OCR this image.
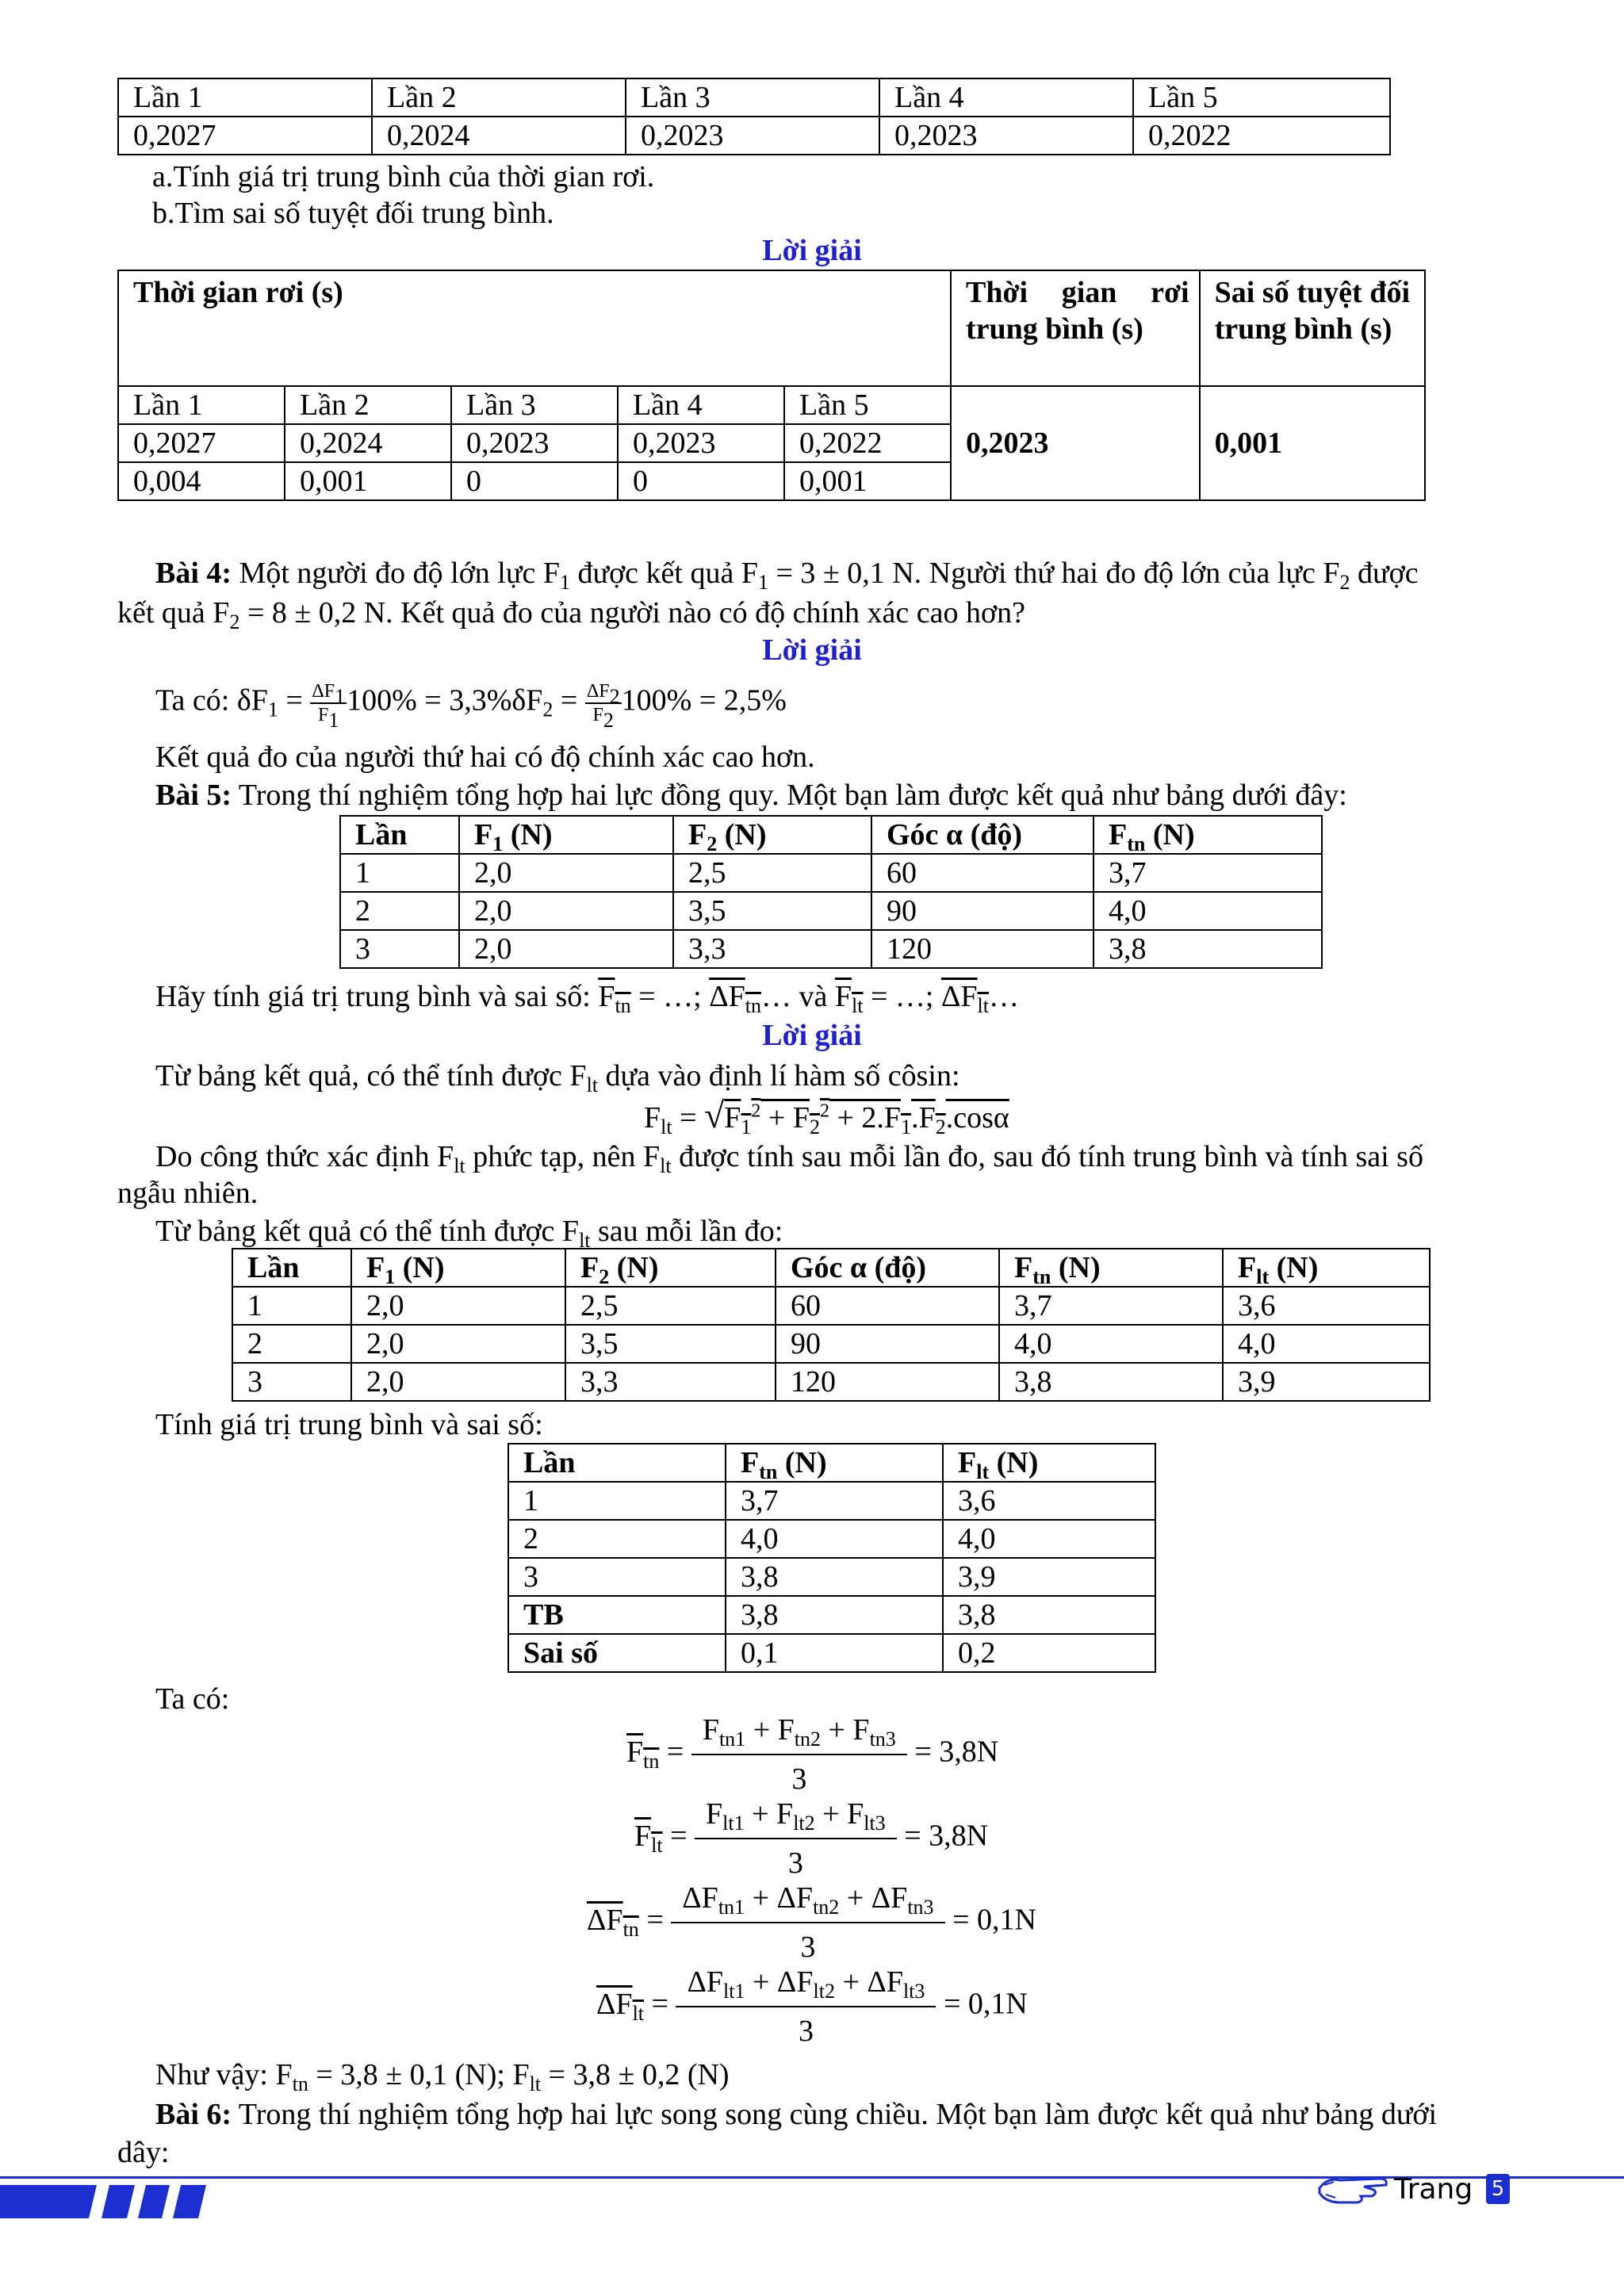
Lần 1	Lần 2	Lần 3	Lần 4	Lần 5
0,2027	0,2024	0,2023	0,2023	0,2022
a.Tính giá trị trung bình của thời gian rơi.
b.Tìm sai số tuyệt đối trung bình.
Lời giải
Thời gian rơi (s)					Thời gian rơi trung bình (s)	Sai số tuyệt đối trung bình (s)

Lần 1	Lần 2	Lần 3	Lần 4	Lần 5	0,2023	0,001
0,2027	0,2024	0,2023	0,2023	0,2022		
0,004	0,001	0	0	0,001		
Bài 4: Một người đo độ lớn lực $F_1$ được kết quả $F_1 = 3 \pm 0,1$ N. Người thứ hai đo độ lớn của lực $F_2$ được
kết quả $F_2 = 8 \pm 0,2$ N. Kết quả đo của người nào có độ chính xác cao hơn?
Lời giải
Ta có: $\delta F_1 = \frac{\Delta F_1}{F_1} 100\% = 3,3\%\delta F_2 = \frac{\Delta F_2}{F_2} 100\% = 2,5\%$
Kết quả đo của người thứ hai có độ chính xác cao hơn.
Bài 5: Trong thí nghiệm tổng hợp hai lực đồng quy. Một bạn làm được kết quả như bảng dưới đây:
Lần	$F_1$ (N)	$F_2$ (N)	Góc α (độ)	$F_{tn}$ (N)
1	2,0	2,5	60	3,7
2	2,0	3,5	90	4,0
3	2,0	3,3	120	3,8
Hãy tính giá trị trung bình và sai số: $F_{tn}$ = …; $\Delta F_{tn}\dots$ và $F_{lt}$ = …; $\Delta F_{lt}\dots$
Lời giải
Từ bảng kết quả, có thể tính được $F_{lt}$ dựa vào định lí hàm số côsin:
$F_{lt} = √F_1^2 + F_2^2 + 2.F_1.F_2.\cos\alpha$
Do công thức xác định $F_{lt}$ phức tạp, nên $F_{lt}$ được tính sau mỗi lần đo, sau đó tính trung bình và tính sai số
ngẫu nhiên.
Từ bảng kết quả có thể tính được $F_{lt}$ sau mỗi lần đo:
Lần	$F_1$ (N)	$F_2$ (N)	Góc α (độ)	$F_{tn}$ (N)	$F_{lt}$ (N)
1	2,0	2,5	60	3,7	3,6
2	2,0	3,5	90	4,0	4,0
3	2,0	3,3	120	3,8	3,9
Tính giá trị trung bình và sai số:
Lần	$F_{tn}$ (N)	$F_{lt}$ (N)
1	3,7	3,6
2	4,0	4,0
3	3,8	3,9
TB	3,8	3,8
Sai số	0,1	0,2
Ta có:
$F_{tn}$ =
$F_{tn1} + F_{tn2} + F_{tn3}$
3
= 3,8N
$F_{lt}$ =
$F_{lt1} + F_{lt2} + F_{lt3}$
3
= 3,8N
$\Delta F_{tn}$ =
$\Delta F_{tn1} + \Delta F_{tn2} + \Delta F_{tn3}$
3
= 0,1N
$\Delta F_{lt}$ =
$\Delta F_{lt1} + \Delta F_{lt2} + \Delta F_{lt3}$
3
= 0,1N
Như vậy: $F_{tn} = 3,8 \pm 0,1$ (N); $F_{lt} = 3,8 \pm 0,2$ (N)
Bài 6: Trong thí nghiệm tổng hợp hai lực song song cùng chiều. Một bạn làm được kết quả như bảng dưới
dây:
Trang 5
